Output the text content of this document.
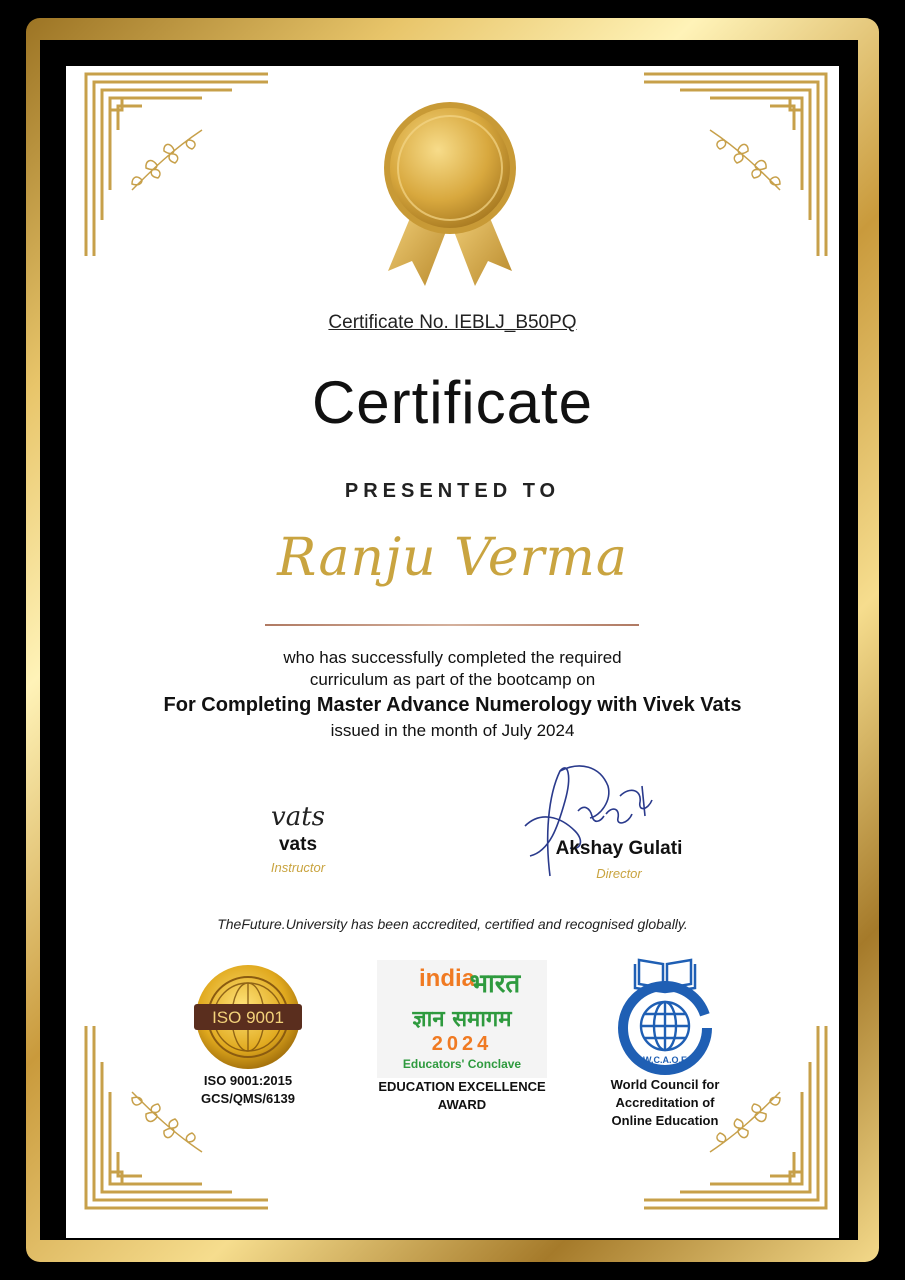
Certificate No. IEBLJ_B50PQ
Certificate
PRESENTED TO
Ranju Verma
who has successfully completed the required
curriculum as part of the bootcamp on
For Completing Master Advance Numerology with Vivek Vats
issued in the month of July 2024
vats
vats
Instructor
Akshay Gulati
Director
TheFuture.University has been accredited, certified and recognised globally.
ISO 9001
ISO 9001:2015
GCS/QMS/6139
india
भारत
ज्ञान समागम
2024
Educators' Conclave
EDUCATION EXCELLENCE
AWARD
W.C.A.O.E
World Council for
Accreditation of
Online Education
